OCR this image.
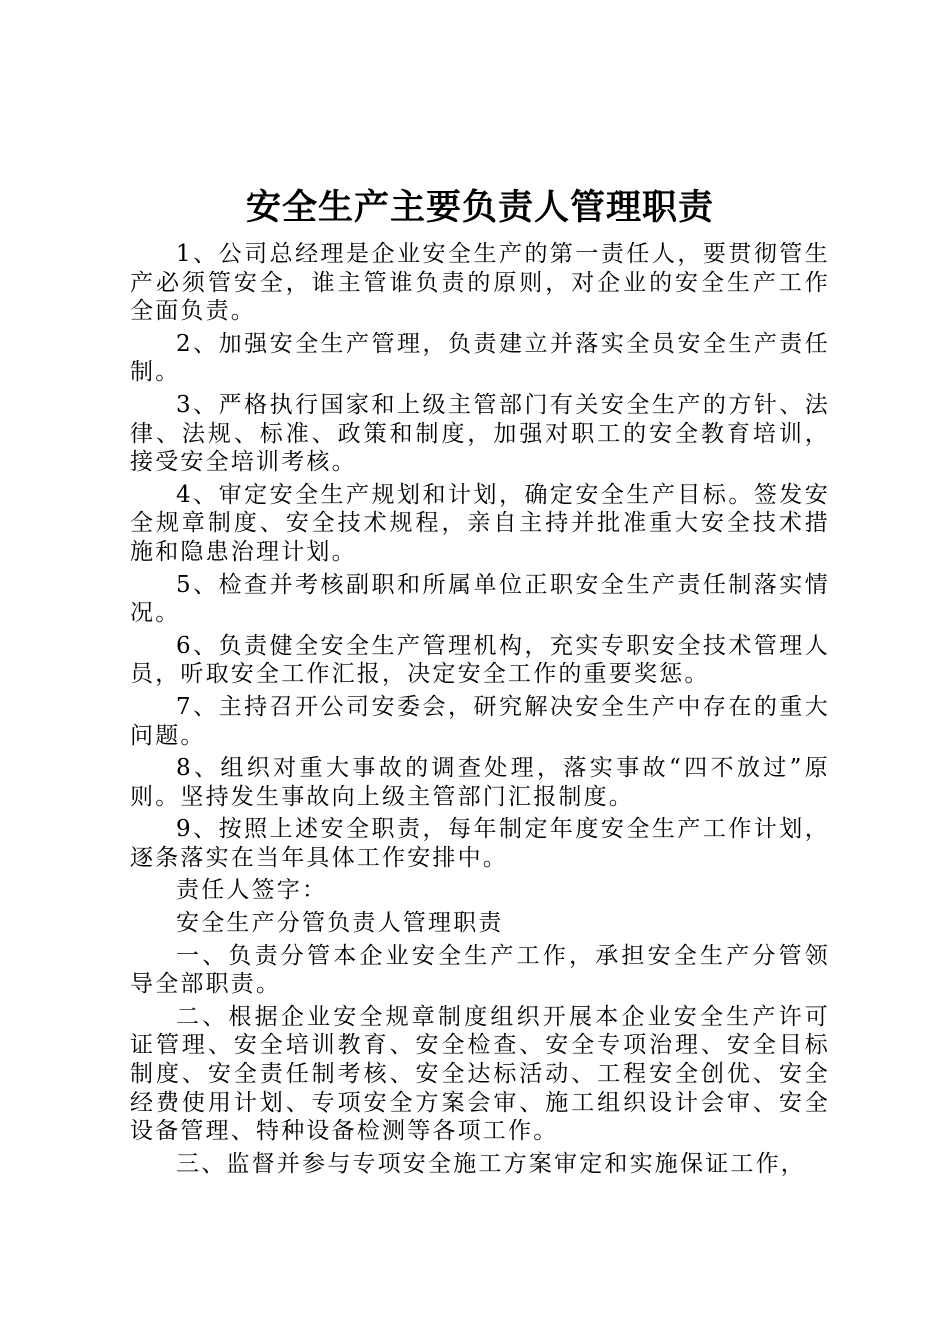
安全生产主要负责人管理职责

1、公司总经理是企业安全生产的第一责任人，要贯彻管生产必须管安全，谁主管谁负责的原则，对企业的安全生产工作全面负责。

2、加强安全生产管理，负责建立并落实全员安全生产责任制。

3、严格执行国家和上级主管部门有关安全生产的方针、法律、法规、标准、政策和制度，加强对职工的安全教育培训，接受安全培训考核。

4、审定安全生产规划和计划，确定安全生产目标。签发安全规章制度、安全技术规程，亲自主持并批准重大安全技术措施和隐患治理计划。

5、检查并考核副职和所属单位正职安全生产责任制落实情况。

6、负责健全安全生产管理机构，充实专职安全技术管理人员，听取安全工作汇报，决定安全工作的重要奖惩。

7、主持召开公司安委会，研究解决安全生产中存在的重大问题。

8、组织对重大事故的调查处理，落实事故“四不放过”原则。坚持发生事故向上级主管部门汇报制度。

9、按照上述安全职责，每年制定年度安全生产工作计划，逐条落实在当年具体工作安排中。

责任人签字：

安全生产分管负责人管理职责

一、负责分管本企业安全生产工作，承担安全生产分管领导全部职责。

二、根据企业安全规章制度组织开展本企业安全生产许可证管理、安全培训教育、安全检查、安全专项治理、安全目标制度、安全责任制考核、安全达标活动、工程安全创优、安全经费使用计划、专项安全方案会审、施工组织设计会审、安全设备管理、特种设备检测等各项工作。

三、监督并参与专项安全施工方案审定和实施保证工作，
